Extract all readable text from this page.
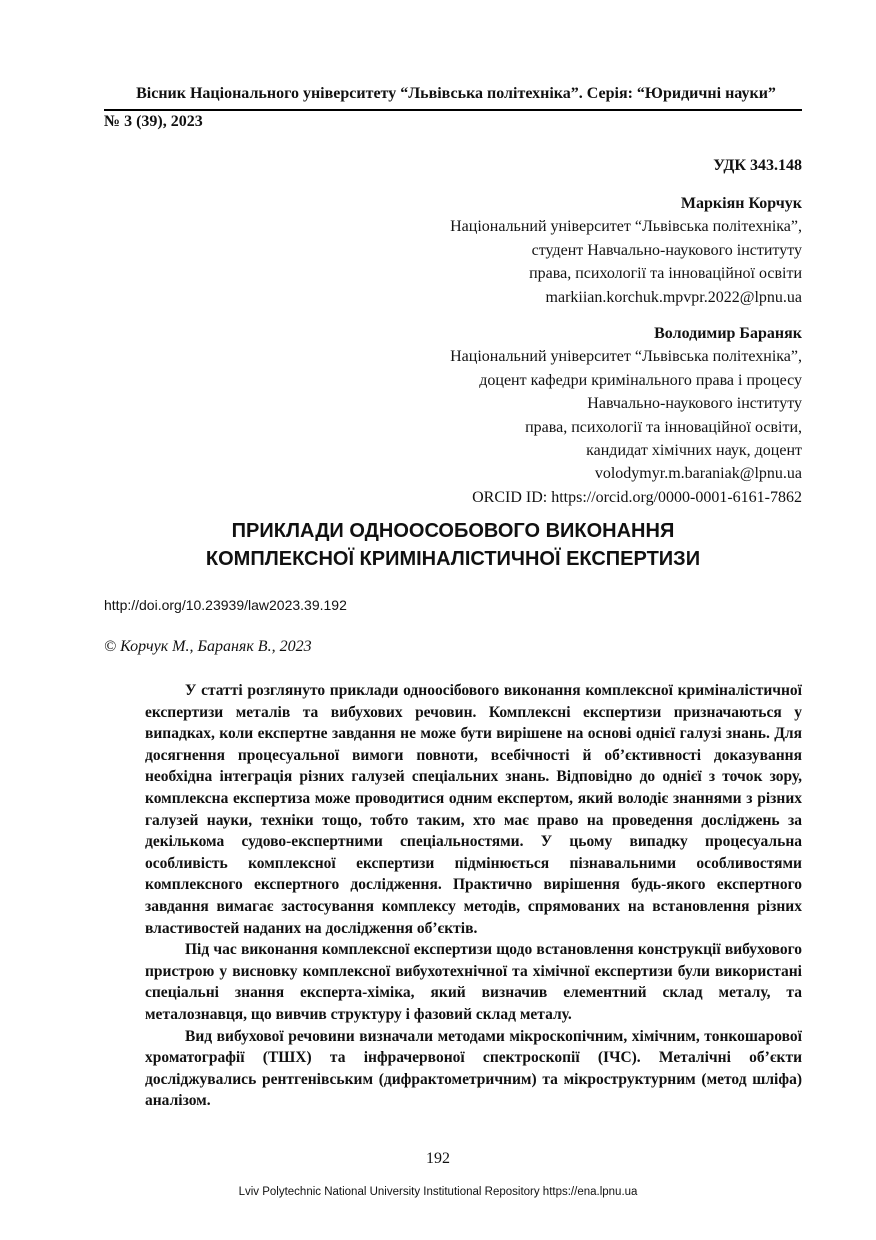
Вісник Національного університету “Львівська політехніка”. Серія: “Юридичні науки”
№ 3 (39), 2023
УДК 343.148
Маркіян Корчук
Національний університет “Львівська політехніка”,
студент Навчально-наукового інституту
права, психології та інноваційної освіти
markiian.korchuk.mpvpr.2022@lpnu.ua
Володимир Бараняк
Національний університет “Львівська політехніка”,
доцент кафедри кримінального права і процесу
Навчально-наукового інституту
права, психології та інноваційної освіти,
кандидат хімічних наук, доцент
volodymyr.m.baraniak@lpnu.ua
ORCID ID: https://orcid.org/0000-0001-6161-7862
ПРИКЛАДИ ОДНООСОБОВОГО ВИКОНАННЯ
КОМПЛЕКСНОЇ КРИМІНАЛІСТИЧНОЇ ЕКСПЕРТИЗИ
http://doi.org/10.23939/law2023.39.192
© Корчук М., Бараняк В., 2023

У статті розглянуто приклади одноосібового виконання комплексної криміналістичної експертизи металів та вибухових речовин. Комплексні експертизи призначаються у випадках, коли експертне завдання не може бути вирішене на основі однієї галузі знань. Для досягнення процесуальної вимоги повноти, всебічності й об’єктивності доказування необхідна інтеграція різних галузей спеціальних знань. Відповідно до однієї з точок зору, комплексна експертиза може проводитися одним експертом, який володіє знаннями з різних галузей науки, техніки тощо, тобто таким, хто має право на проведення досліджень за декількома судово-експертними спеціальностями. У цьому випадку процесуальна особливість комплексної експертизи підмінюється пізнавальними особливостями комплексного експертного дослідження. Практично вирішення будь-якого експертного завдання вимагає застосування комплексу методів, спрямованих на встановлення різних властивостей наданих на дослідження об’єктів.

Під час виконання комплексної експертизи щодо встановлення конструкції вибухового пристрою у висновку комплексної вибухотехнічної та хімічної експертизи були використані спеціальні знання експерта-хіміка, який визначив елементний склад металу, та металознавця, що вивчив структуру і фазовий склад металу.

Вид вибухової речовини визначали методами мікроскопічним, хімічним, тонкошарової хроматографії (ТШХ) та інфрачервоної спектроскопії (ІЧС). Металічні об’єкти досліджувались рентгенівським (дифрактометричним) та мікроструктурним (метод шліфа) аналізом.

192
Lviv Polytechnic National University Institutional Repository https://ena.lpnu.ua
